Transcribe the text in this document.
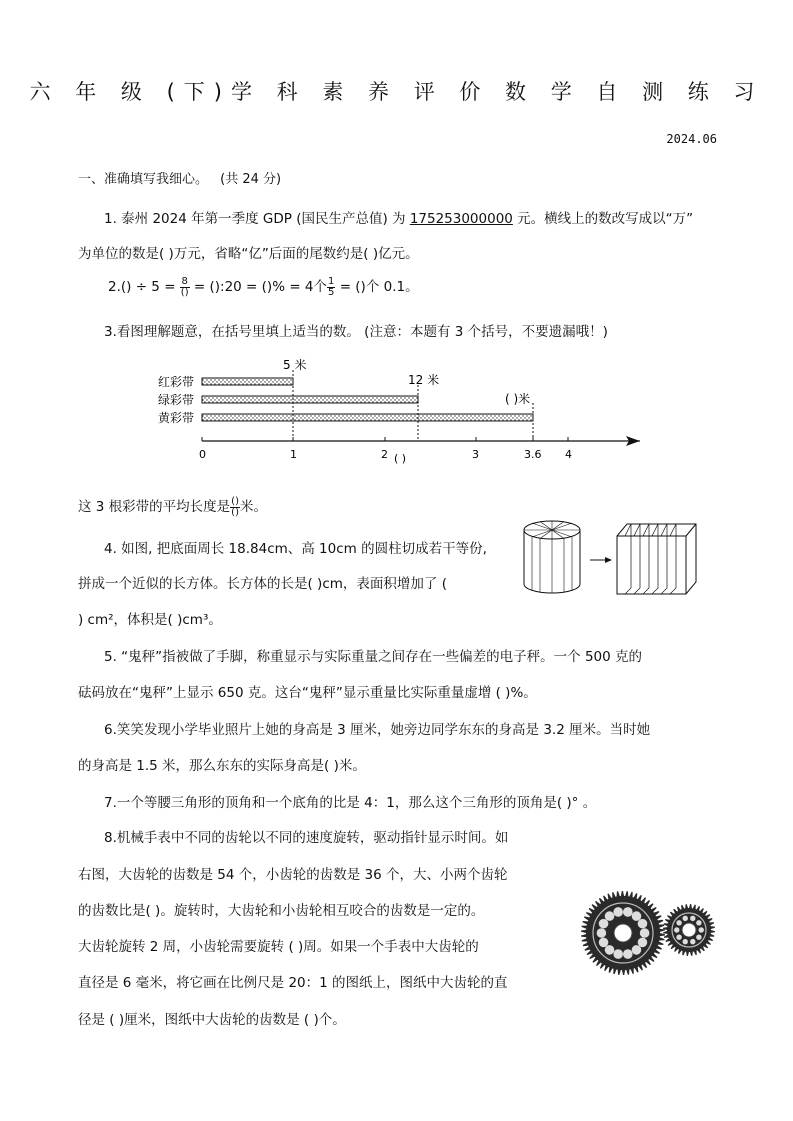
六 年 级 (下)学 科 素 养 评 价 数 学 自 测 练 习
2024.06
一、准确填写我细心。 (共 24 分)
1. 泰州 2024 年第一季度 GDP (国民生产总值) 为 175253000000 元。横线上的数改写成以“万”
为单位的数是( )万元，省略“亿”后面的尾数约是( )亿元。
$2.() \div 5 = \frac{8}{()}$ = ():20 = ()% = 4个 $\frac{1}{5}$ = ()个 0.1。
3.看图理解题意，在括号里填上适当的数。 (注意：本题有 3 个括号，不要遗漏哦！)
红彩带
绿彩带
黄彩带
5 米
12 米
( )米
0	1	2 ( )	3	3.6 4
这 3 根彩带的平均长度是 $\frac{()}{()}$ 米。
4. 如图, 把底面周长 18.84cm、高 10cm 的圆柱切成若干等份,
拼成一个近似的长方体。长方体的长是( )cm，表面积增加了 (
) cm²，体积是( )cm³。
5. “鬼秤”指被做了手脚，称重显示与实际重量之间存在一些偏差的电子秤。一个 500 克的
砝码放在“鬼秤”上显示 650 克。这台“鬼秤”显示重量比实际重量虚增 ( )%。
6.笑笑发现小学毕业照片上她的身高是 3 厘米，她旁边同学东东的身高是 3.2 厘米。当时她
的身高是 1.5 米，那么东东的实际身高是( )米。
7.一个等腰三角形的顶角和一个底角的比是 4：1，那么这个三角形的顶角是( )° 。
8.机械手表中不同的齿轮以不同的速度旋转，驱动指针显示时间。如
右图，大齿轮的齿数是 54 个，小齿轮的齿数是 36 个，大、小两个齿轮
的齿数比是( )。旋转时，大齿轮和小齿轮相互咬合的齿数是一定的。
大齿轮旋转 2 周，小齿轮需要旋转 ( )周。如果一个手表中大齿轮的
直径是 6 毫米，将它画在比例尺是 20：1 的图纸上，图纸中大齿轮的直
径是 ( )厘米，图纸中大齿轮的齿数是 ( )个。
